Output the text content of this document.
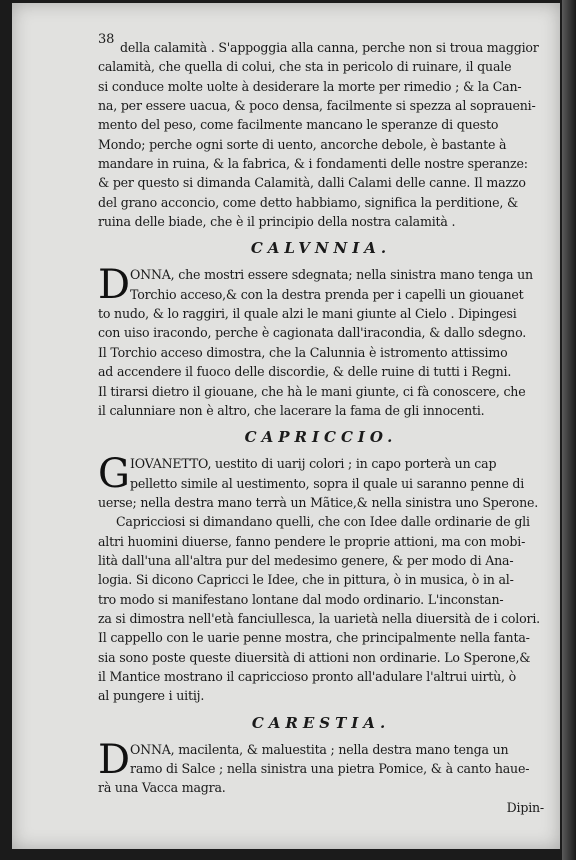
38
della calamità . S'appoggia alla canna, perche non si troua maggior
calamità, che quella di colui, che sta in pericolo di ruinare, il quale
si conduce molte uolte à desiderare la morte per rimedio ; & la Can-
na, per essere uacua, & poco densa, facilmente si spezza al sopraueni-
mento del peso, come facilmente mancano le speranze di questo
Mondo; perche ogni sorte di uento, ancorche debole, è bastante à
mandare in ruina, & la fabrica, & i fondamenti delle nostre speranze:
& per questo si dimanda Calamità, dalli Calami delle canne. Il mazzo
del grano acconcio, come detto habbiamo, significa la perditione, &
ruina delle biade, che è il principio della nostra calamità .
CALVNNIA.
D ONNA, che mostri essere sdegnata; nella sinistra mano tenga un
Torchio acceso,& con la destra prenda per i capelli un giouanet
to nudo, & lo raggiri, il quale alzi le mani giunte al Cielo . Dipingesi
con uiso iracondo, perche è cagionata dall'iracondia, & dallo sdegno.
Il Torchio acceso dimostra, che la Calunnia è istromento attissimo
ad accendere il fuoco delle discordie, & delle ruine di tutti i Regni.
Il tirarsi dietro il giouane, che hà le mani giunte, ci fà conoscere, che
il calunniare non è altro, che lacerare la fama de gli innocenti.
CAPRICCIO.
G IOVANETTO, uestito di uarij colori ; in capo porterà un cap
pelletto simile al uestimento, sopra il quale ui saranno penne di
uerse; nella destra mano terrà un Mãtice,& nella sinistra uno Sperone.
Capricciosi si dimandano quelli, che con Idee dalle ordinarie de gli
altri huomini diuerse, fanno pendere le proprie attioni, ma con mobi-
lità dall'una all'altra pur del medesimo genere, & per modo di Ana-
logia. Si dicono Capricci le Idee, che in pittura, ò in musica, ò in al-
tro modo si manifestano lontane dal modo ordinario. L'inconstan-
za si dimostra nell'età fanciullesca, la uarietà nella diuersità de i colori.
Il cappello con le uarie penne mostra, che principalmente nella fanta-
sia sono poste queste diuersità di attioni non ordinarie. Lo Sperone,&
il Mantice mostrano il capriccioso pronto all'adulare l'altrui uirtù, ò
al pungere i uitij.
CARESTIA.
D ONNA, macilenta, & maluestita ; nella destra mano tenga un
ramo di Salce ; nella sinistra una pietra Pomice, & à canto haue-
rà una Vacca magra.
Dipin-
